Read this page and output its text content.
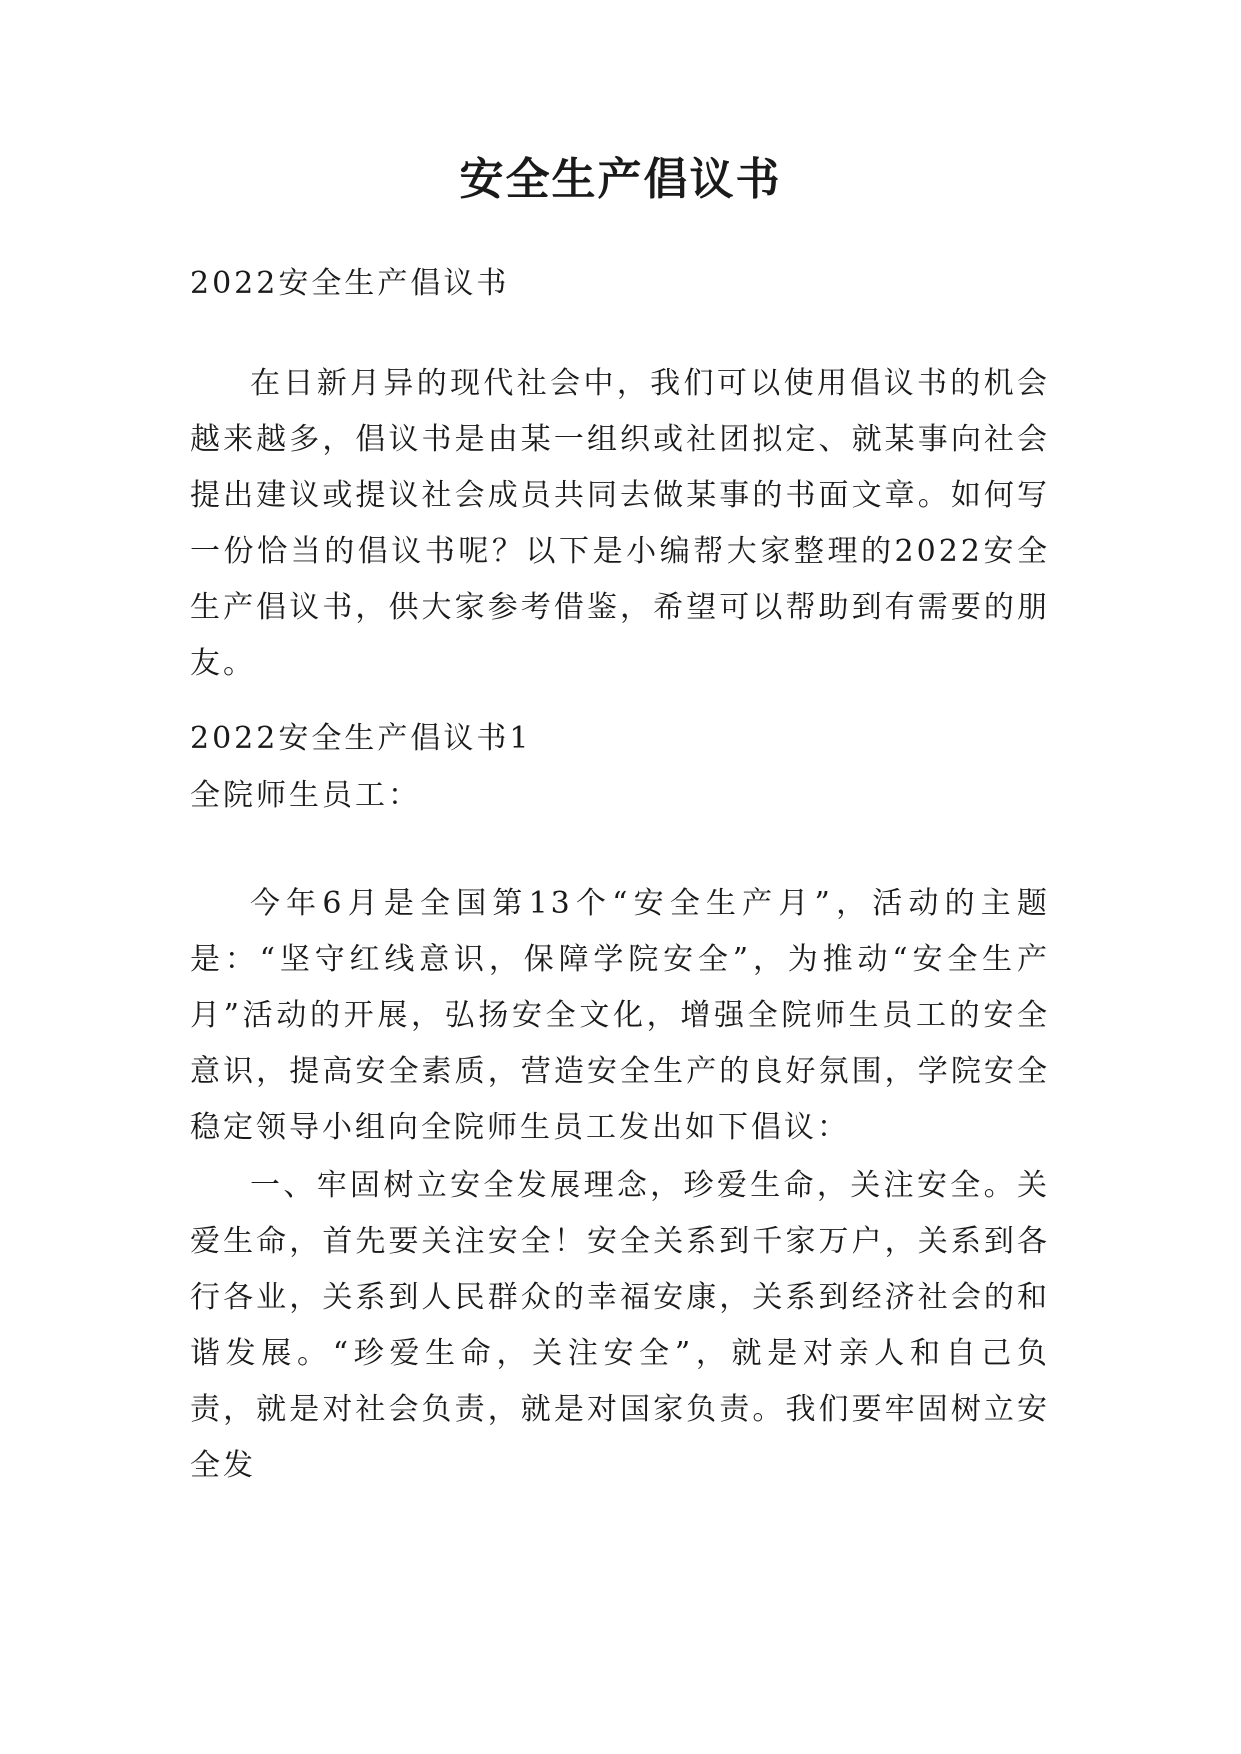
安全生产倡议书

2022安全生产倡议书

在日新月异的现代社会中，我们可以使用倡议书的机会越来越多，倡议书是由某一组织或社团拟定、就某事向社会提出建议或提议社会成员共同去做某事的书面文章。如何写一份恰当的倡议书呢？以下是小编帮大家整理的2022安全生产倡议书，供大家参考借鉴，希望可以帮助到有需要的朋友。

2022安全生产倡议书1

全院师生员工：

今年6月是全国第13个“安全生产月”，活动的主题是：“坚守红线意识，保障学院安全”，为推动“安全生产月”活动的开展，弘扬安全文化，增强全院师生员工的安全意识，提高安全素质，营造安全生产的良好氛围，学院安全稳定领导小组向全院师生员工发出如下倡议：

一、牢固树立安全发展理念，珍爱生命，关注安全。关爱生命，首先要关注安全！安全关系到千家万户，关系到各行各业，关系到人民群众的幸福安康，关系到经济社会的和谐发展。“珍爱生命，关注安全”，就是对亲人和自己负责，就是对社会负责，就是对国家负责。我们要牢固树立安全发
